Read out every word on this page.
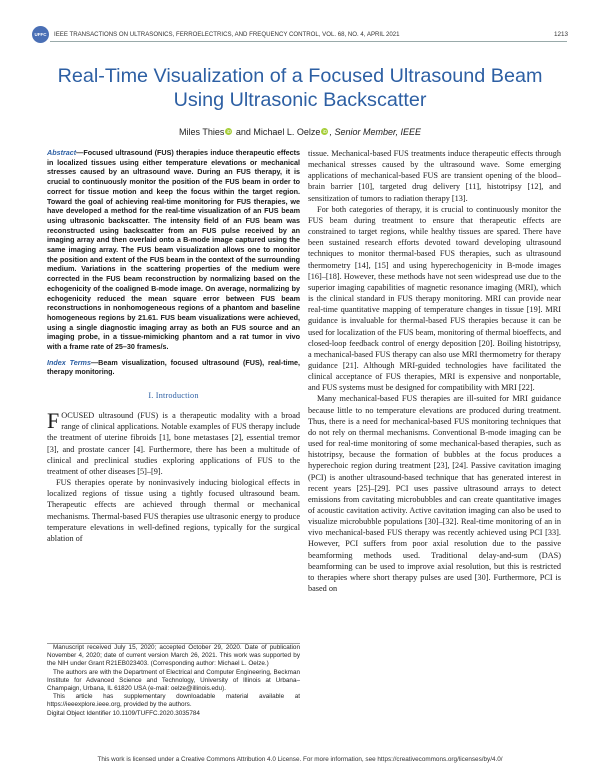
UFFC	IEEE TRANSACTIONS ON ULTRASONICS, FERROELECTRICS, AND FREQUENCY CONTROL, VOL. 68, NO. 4, APRIL 2021	1213
Real-Time Visualization of a Focused Ultrasound Beam Using Ultrasonic Backscatter
Miles Thies iD and Michael L. Oelze iD , Senior Member, IEEE
Abstract—Focused ultrasound (FUS) therapies induce therapeutic effects in localized tissues using either temperature elevations or mechanical stresses caused by an ultrasound wave. During an FUS therapy, it is crucial to continuously monitor the position of the FUS beam in order to correct for tissue motion and keep the focus within the target region. Toward the goal of achieving real-time monitoring for FUS therapies, we have developed a method for the real-time visualization of an FUS beam using ultrasonic backscatter. The intensity field of an FUS beam was reconstructed using backscatter from an FUS pulse received by an imaging array and then overlaid onto a B-mode image captured using the same imaging array. The FUS beam visualization allows one to monitor the position and extent of the FUS beam in the context of the surrounding medium. Variations in the scattering properties of the medium were corrected in the FUS beam reconstruction by normalizing based on the echogenicity of the coaligned B-mode image. On average, normalizing by echogenicity reduced the mean square error between FUS beam reconstructions in nonhomogeneous regions of a phantom and baseline homogeneous regions by 21.61. FUS beam visualizations were achieved, using a single diagnostic imaging array as both an FUS source and an imaging probe, in a tissue-mimicking phantom and a rat tumor in vivo with a frame rate of 25–30 frames/s.
Index Terms—Beam visualization, focused ultrasound (FUS), real-time, therapy monitoring.
I. Introduction
FOCUSED ultrasound (FUS) is a therapeutic modality with a broad range of clinical applications. Notable examples of FUS therapy include the treatment of uterine fibroids [1], bone metastases [2], essential tremor [3], and prostate cancer [4]. Furthermore, there has been a multitude of clinical and preclinical studies exploring applications of FUS to the treatment of other diseases [5]–[9].
FUS therapies operate by noninvasively inducing biological effects in localized regions of tissue using a tightly focused ultrasound beam. Therapeutic effects are achieved through thermal or mechanical mechanisms. Thermal-based FUS therapies use ultrasonic energy to produce temperature elevations in well-defined regions, typically for the surgical ablation of
tissue. Mechanical-based FUS treatments induce therapeutic effects through mechanical stresses caused by the ultrasound wave. Some emerging applications of mechanical-based FUS are transient opening of the blood–brain barrier [10], targeted drug delivery [11], histotripsy [12], and sensitization of tumors to radiation therapy [13].
For both categories of therapy, it is crucial to continuously monitor the FUS beam during treatment to ensure that therapeutic effects are constrained to target regions, while healthy tissues are spared. There have been sustained research efforts devoted toward developing ultrasound techniques to monitor thermal-based FUS therapies, such as ultrasound thermometry [14], [15] and using hyperechogenicity in B-mode images [16]–[18]. However, these methods have not seen widespread use due to the superior imaging capabilities of magnetic resonance imaging (MRI), which is the clinical standard in FUS therapy monitoring. MRI can provide near real-time quantitative mapping of temperature changes in tissue [19]. MRI guidance is invaluable for thermal-based FUS therapies because it can be used for localization of the FUS beam, monitoring of thermal bioeffects, and closed-loop feedback control of energy deposition [20]. Boiling histotripsy, a mechanical-based FUS therapy can also use MRI thermometry for therapy guidance [21]. Although MRI-guided technologies have facilitated the clinical acceptance of FUS therapies, MRI is expensive and nonportable, and FUS systems must be designed for compatibility with MRI [22].
Many mechanical-based FUS therapies are ill-suited for MRI guidance because little to no temperature elevations are produced during treatment. Thus, there is a need for mechanical-based FUS monitoring techniques that do not rely on thermal mechanisms. Conventional B-mode imaging can be used for real-time monitoring of some mechanical-based therapies, such as histotripsy, because the formation of bubbles at the focus produces a hyperechoic region during treatment [23], [24]. Passive cavitation imaging (PCI) is another ultrasound-based technique that has generated interest in recent years [25]–[29]. PCI uses passive ultrasound arrays to detect emissions from cavitating microbubbles and can create quantitative images of acoustic cavitation activity. Active cavitation imaging can also be used to visualize microbubble populations [30]–[32]. Real-time monitoring of an in vivo mechanical-based FUS therapy was recently achieved using PCI [33]. However, PCI suffers from poor axial resolution due to the passive beamforming methods used. Traditional delay-and-sum (DAS) beamforming can be used to improve axial resolution, but this is restricted to therapies where short therapy pulses are used [30]. Furthermore, PCI is based on
Manuscript received July 15, 2020; accepted October 29, 2020. Date of publication November 4, 2020; date of current version March 26, 2021. This work was supported by the NIH under Grant R21EB023403. (Corresponding author: Michael L. Oelze.)
The authors are with the Department of Electrical and Computer Engineering, Beckman Institute for Advanced Science and Technology, University of Illinois at Urbana–Champaign, Urbana, IL 61820 USA (e-mail: oelze@illinois.edu).
This article has supplementary downloadable material available at https://ieeexplore.ieee.org, provided by the authors.
Digital Object Identifier 10.1109/TUFFC.2020.3035784
This work is licensed under a Creative Commons Attribution 4.0 License. For more information, see https://creativecommons.org/licenses/by/4.0/
